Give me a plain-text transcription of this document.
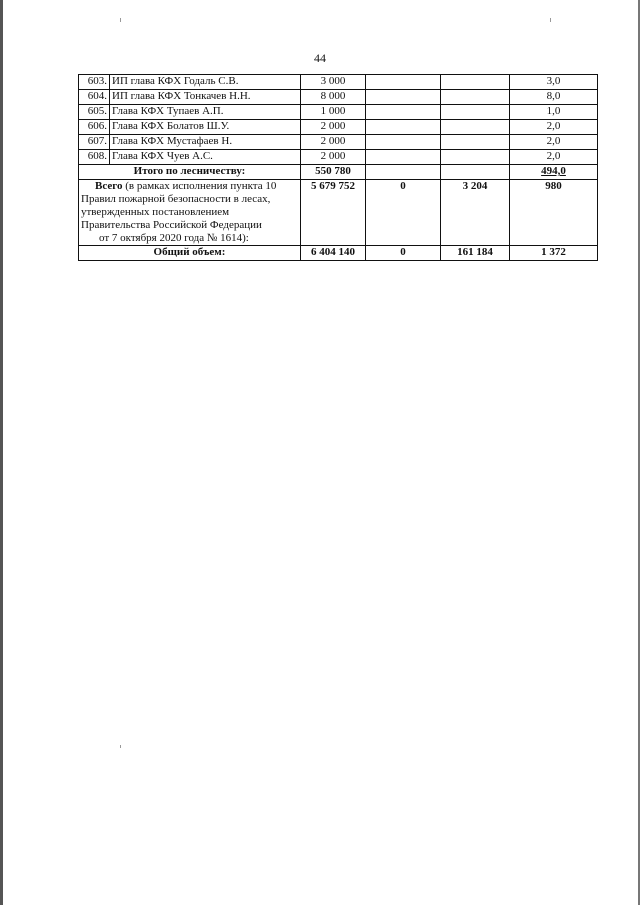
44
603.	ИП глава КФХ Годаль С.В.	3 000			3,0
604.	ИП глава КФХ Тонкачев Н.Н.	8 000			8,0
605.	Глава КФХ Тупаев А.П.	1 000			1,0
606.	Глава КФХ Болатов Ш.У.	2 000			2,0
607.	Глава КФХ Мустафаев Н.	2 000			2,0
608.	Глава КФХ Чуев А.С.	2 000			2,0
Итого по лесничеству:		550 780			494,0

Всего (в рамках исполнения пункта 10
Правил пожарной безопасности в лесах,
утвержденных постановлением
Правительства Российской Федерации
от 7 октября 2020 года № 1614):		5 679 752	0	3 204	980
Общий объем:		6 404 140	0	161 184	1 372
